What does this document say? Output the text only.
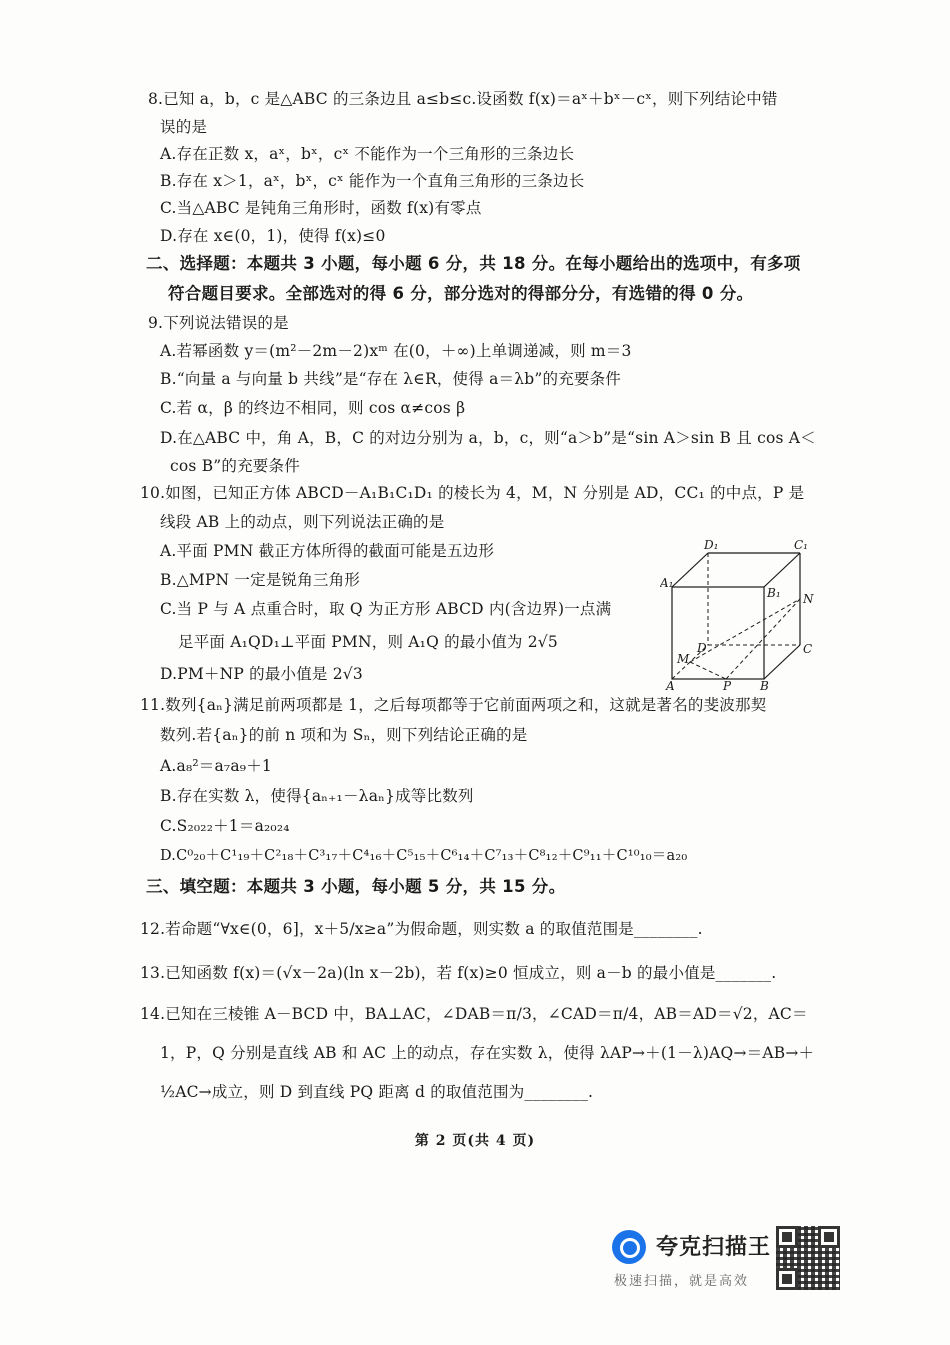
8.已知 a，b，c 是△ABC 的三条边且 a≤b≤c.设函数 f(x)＝aˣ＋bˣ－cˣ，则下列结论中错
误的是
A.存在正数 x，aˣ，bˣ，cˣ 不能作为一个三角形的三条边长
B.存在 x＞1，aˣ，bˣ，cˣ 能作为一个直角三角形的三条边长
C.当△ABC 是钝角三角形时，函数 f(x)有零点
D.存在 x∈(0，1)，使得 f(x)≤0
二、选择题：本题共 3 小题，每小题 6 分，共 18 分。在每小题给出的选项中，有多项
符合题目要求。全部选对的得 6 分，部分选对的得部分分，有选错的得 0 分。
9.下列说法错误的是
A.若幂函数 y＝(m²－2m－2)xᵐ 在(0，＋∞)上单调递减，则 m＝3
B.“向量 a 与向量 b 共线”是“存在 λ∈R，使得 a＝λb”的充要条件
C.若 α，β 的终边不相同，则 cos α≠cos β
D.在△ABC 中，角 A，B，C 的对边分别为 a，b，c，则“a＞b”是“sin A＞sin B 且 cos A＜
cos B”的充要条件
10.如图，已知正方体 ABCD－A₁B₁C₁D₁ 的棱长为 4，M，N 分别是 AD，CC₁ 的中点，P 是
线段 AB 上的动点，则下列说法正确的是
A.平面 PMN 截正方体所得的截面可能是五边形
B.△MPN 一定是锐角三角形
C.当 P 与 A 点重合时，取 Q 为正方形 ABCD 内(含边界)一点满
足平面 A₁QD₁⊥平面 PMN，则 A₁Q 的最小值为 2√5
D.PM＋NP 的最小值是 2√3
D₁	C₁
A₁
B₁ N
D	C
M
A	P B
11.数列{aₙ}满足前两项都是 1，之后每项都等于它前面两项之和，这就是著名的斐波那契
数列.若{aₙ}的前 n 项和为 Sₙ，则下列结论正确的是
A.a₈²＝a₇a₉＋1
B.存在实数 λ，使得{aₙ₊₁－λaₙ}成等比数列
C.S₂₀₂₂＋1＝a₂₀₂₄
D.C⁰₂₀＋C¹₁₉＋C²₁₈＋C³₁₇＋C⁴₁₆＋C⁵₁₅＋C⁶₁₄＋C⁷₁₃＋C⁸₁₂＋C⁹₁₁＋C¹⁰₁₀＝a₂₀
三、填空题：本题共 3 小题，每小题 5 分，共 15 分。
12.若命题“∀x∈(0，6]，x＋5/x≥a”为假命题，则实数 a 的取值范围是________.
13.已知函数 f(x)＝(√x－2a)(ln x－2b)，若 f(x)≥0 恒成立，则 a－b 的最小值是_______.
14.已知在三棱锥 A－BCD 中，BA⊥AC，∠DAB＝π/3，∠CAD＝π/4，AB＝AD＝√2，AC＝
1，P，Q 分别是直线 AB 和 AC 上的动点，存在实数 λ，使得 λAP→＋(1－λ)AQ→＝AB→＋
½AC→成立，则 D 到直线 PQ 距离 d 的取值范围为________.
第 2 页(共 4 页)
夸克扫描王
极速扫描，就是高效
